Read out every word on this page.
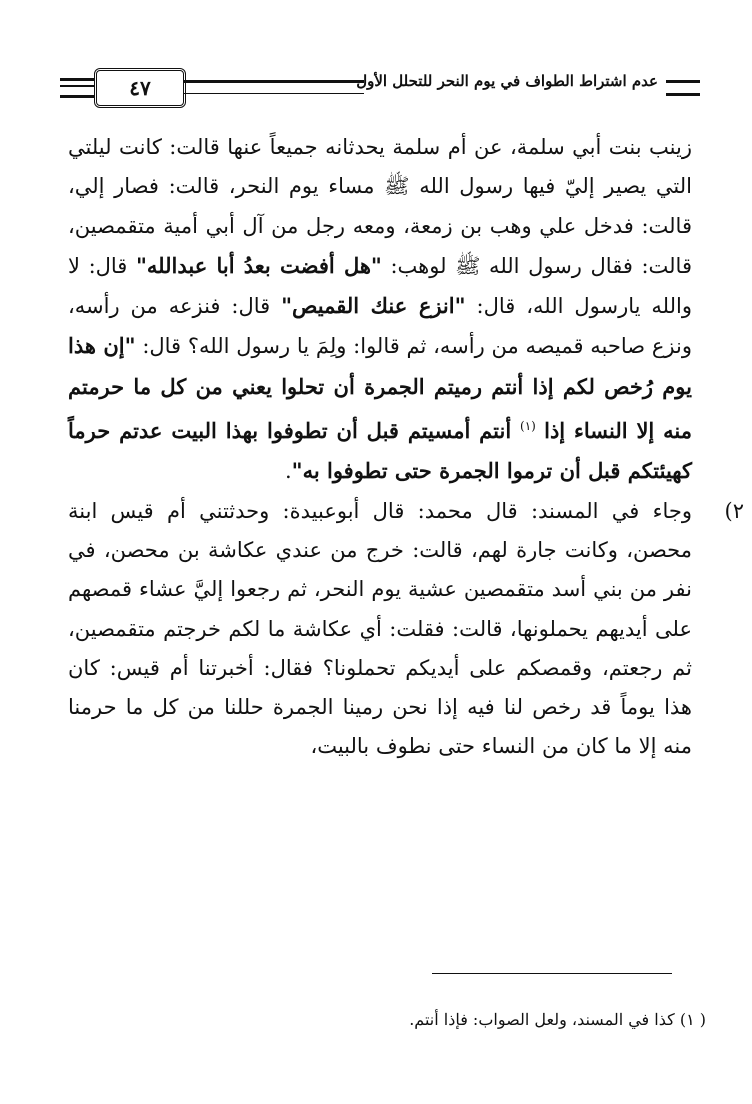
٤٧	عدم اشتراط الطواف في يوم النحر للتحلل الأول

زينب بنت أبي سلمة، عن أم سلمة يحدثانه جميعاً عنها قالت: كانت ليلتي التي يصير إليّ فيها رسول الله ﷺ مساء يوم النحر، قالت: فصار إلي، قالت: فدخل علي وهب بن زمعة، ومعه رجل من آل أبي أمية متقمصين، قالت: فقال رسول الله ﷺ لوهب: "هل أفضت بعدُ أبا عبدالله" قال: لا والله يارسول الله، قال: "انزع عنك القميص" قال: فنزعه من رأسه، ونزع صاحبه قميصه من رأسه، ثم قالوا: ولِمَ يا رسول الله؟ قال: "إن هذا يوم رُخص لكم إذا أنتم رميتم الجمرة أن تحلوا يعني من كل ما حرمتم منه إلا النساء إذا $^{(١)}$ أنتم أمسيتم قبل أن تطوفوا بهذا البيت عدتم حرماً كهيئتكم قبل أن ترموا الجمرة حتى تطوفوا به".

٢)
وجاء في المسند: قال محمد: قال أبوعبيدة: وحدثتني أم قيس ابنة محصن، وكانت جارة لهم، قالت: خرج من عندي عكاشة بن محصن، في نفر من بني أسد متقمصين عشية يوم النحر، ثم رجعوا إليَّ عشاء قمصهم على أيديهم يحملونها، قالت: فقلت: أي عكاشة ما لكم خرجتم متقمصين، ثم رجعتم، وقمصكم على أيديكم تحملونا؟ فقال: أخبرتنا أم قيس: كان هذا يوماً قد رخص لنا فيه إذا نحن رمينا الجمرة حللنا من كل ما حرمنا منه إلا ما كان من النساء حتى نطوف بالبيت،

( ١) كذا في المسند، ولعل الصواب: فإذا أنتم.
